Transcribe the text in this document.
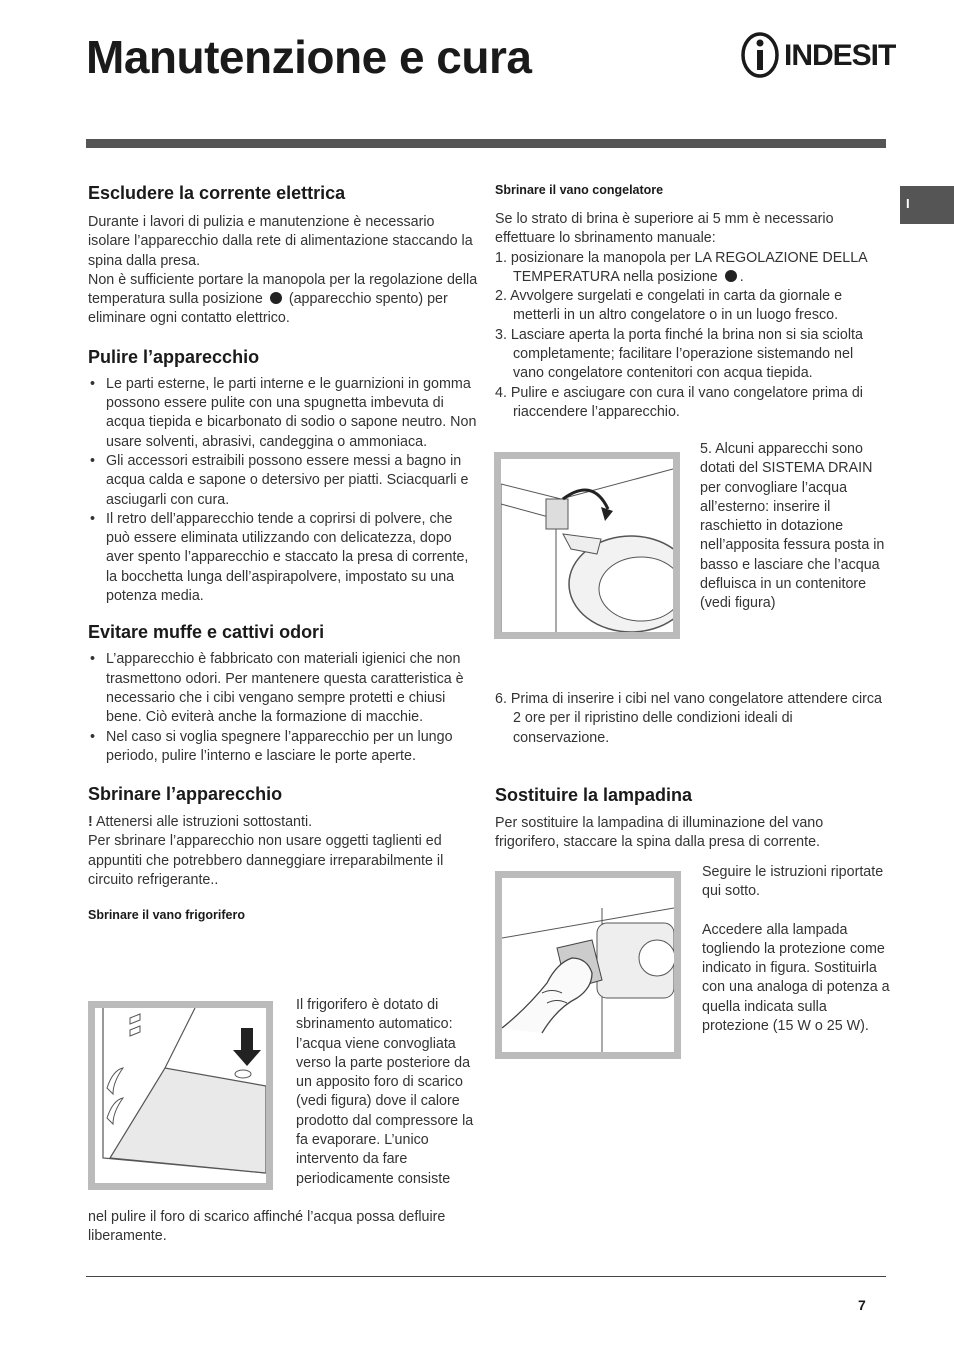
Manutenzione e cura	INDESIT
I
Escludere la corrente elettrica

Durante i lavori di pulizia e manutenzione è necessario isolare l’apparecchio dalla rete di alimentazione staccando la spina dalla presa.

Non è sufficiente portare la manopola per la regolazione della temperatura sulla posizione (apparecchio spento) per eliminare ogni contatto elettrico.

Pulire l’apparecchio
• Le parti esterne, le parti interne e le guarnizioni in gomma possono essere pulite con una spugnetta imbevuta di acqua tiepida e bicarbonato di sodio o sapone neutro. Non usare solventi, abrasivi, candeggina o ammoniaca.
• Gli accessori estraibili possono essere messi a bagno in acqua calda e sapone o detersivo per piatti. Sciacquarli e asciugarli con cura.
• Il retro dell’apparecchio tende a coprirsi di polvere, che può essere eliminata utilizzando con delicatezza, dopo aver spento l’apparecchio e staccato la presa di corrente, la bocchetta lunga dell’aspirapolvere, impostato su una potenza media.
Evitare muffe e cattivi odori
• L’apparecchio è fabbricato con materiali igienici che non trasmettono odori. Per mantenere questa caratteristica è necessario che i cibi vengano sempre protetti e chiusi bene. Ciò eviterà anche la formazione di macchie.
• Nel caso si voglia spegnere l’apparecchio per un lungo periodo, pulire l’interno e lasciare le porte aperte.
Sbrinare l’apparecchio

! Attenersi alle istruzioni sottostanti.

Per sbrinare l’apparecchio non usare oggetti taglienti ed appuntiti che potrebbero danneggiare irreparabilmente il circuito refrigerante..

Sbrinare il vano frigorifero
Il frigorifero è dotato di sbrinamento automatico: l’acqua viene convogliata verso la parte posteriore da un apposito foro di scarico (vedi figura) dove il calore prodotto dal compressore la fa evaporare. L’unico intervento da fare periodicamente consiste
nel pulire il foro di scarico affinché l’acqua possa defluire liberamente.
Sbrinare il vano congelatore

Se lo strato di brina è superiore ai 5 mm è necessario effettuare lo sbrinamento manuale:

1. posizionare la manopola per LA REGOLAZIONE DELLA TEMPERATURA nella posizione .
2. Avvolgere surgelati e congelati in carta da giornale e metterli in un altro congelatore o in un luogo fresco.
3. Lasciare aperta la porta finché la brina non si sia sciolta completamente; facilitare l’operazione sistemando nel vano congelatore contenitori con acqua tiepida.
4. Pulire e asciugare con cura il vano congelatore prima di riaccendere l’apparecchio.
5. Alcuni apparecchi sono dotati del SISTEMA DRAIN per convogliare l’acqua all’esterno: inserire il raschietto in dotazione nell’apposita fessura posta in basso e lasciare che l’acqua defluisca in un contenitore (vedi figura)
6. Prima di inserire i cibi nel vano congelatore attendere circa 2 ore per il ripristino delle condizioni ideali di conservazione.
Sostituire la lampadina

Per sostituire la lampadina di illuminazione del vano frigorifero, staccare la spina dalla presa di corrente.

Seguire le istruzioni riportate qui sotto.

Accedere alla lampada togliendo la protezione come indicato in figura. Sostituirla con una analoga di potenza a quella indicata sulla protezione (15 W o 25 W).

7
